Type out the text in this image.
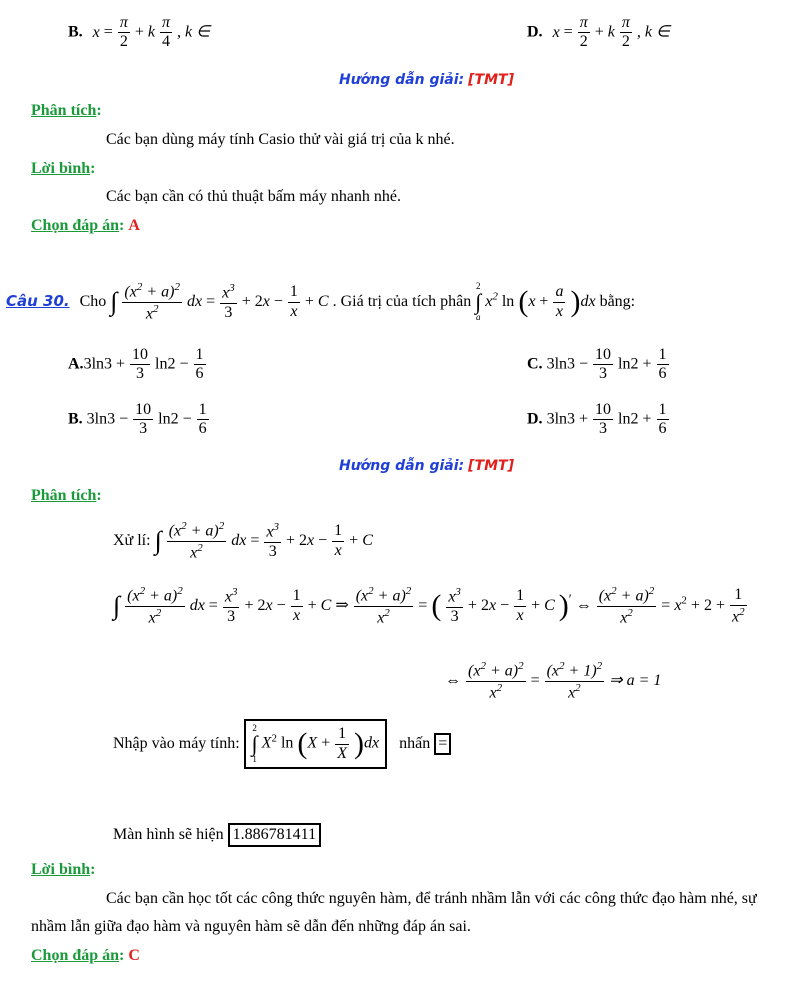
B. $x = \frac{\pi}{2} + k \frac{\pi}{4}$ , k ∈	D. $x = \frac{\pi}{2} + k \frac{\pi}{2}$ , k ∈
Hướng dẫn giải: [TMT]
Phân tích:
Các bạn dùng máy tính Casio thử vài giá trị của k nhé.
Lời bình:
Các bạn cần có thủ thuật bấm máy nhanh nhé.
Chọn đáp án: A
Câu 30. Cho ∫ $\frac{(x^2 + a)^2}{x^2}$ dx = $\frac{x^3}{3} + 2x - \frac{1}{x} + C$ . Giá trị của tích phân
2
∫
a
$x^2$ $\ln (x + \frac{a}{x} )dx$ bằng:
$A.3\ln 3 + \frac{10}{3} \ln 2 - \frac{1}{6}$	C. $3\ln 3 - \frac{10}{3} \ln 2 + \frac{1}{6}$
B. $3\ln 3 - \frac{10}{3} \ln 2 - \frac{1}{6}$	D. $3\ln 3 + \frac{10}{3} \ln 2 + \frac{1}{6}$
Hướng dẫn giải: [TMT]
Phân tích:
Xử lí: ∫ $\frac{(x^2 + a)^2}{x^2}$ dx = $\frac{x^3}{3} + 2x - \frac{1}{x} + C$
∫ $\frac{(x^2 + a)^2}{x^2}$ dx = $\frac{x^3}{3} + 2x - \frac{1}{x} + C$ ⇒ $\frac{(x^2 + a)^2}{x^2}$ = ( $\frac{x^3}{3} + 2x - \frac{1}{x} + C$ )′ ⇔ $\frac{(x^2 + a)^2}{x^2} = x^2 + 2 + \frac{1}{x^2}$
⇔ $\frac{(x^2 + a)^2}{x^2} = \frac{(x^2 + 1)^2}{x^2}$ ⇒ a = 1
Nhập vào máy tính:
2
∫
1
$X^2$ $\ln (X + \frac{1}{X} )dx$ nhấn =
Màn hình sẽ hiện 1.886781411
Lời bình:
Các bạn cần học tốt các công thức nguyên hàm, để tránh nhầm lẫn với các công thức đạo hàm nhé, sự
nhầm lẫn giữa đạo hàm và nguyên hàm sẽ dẫn đến những đáp án sai.
Chọn đáp án: C
